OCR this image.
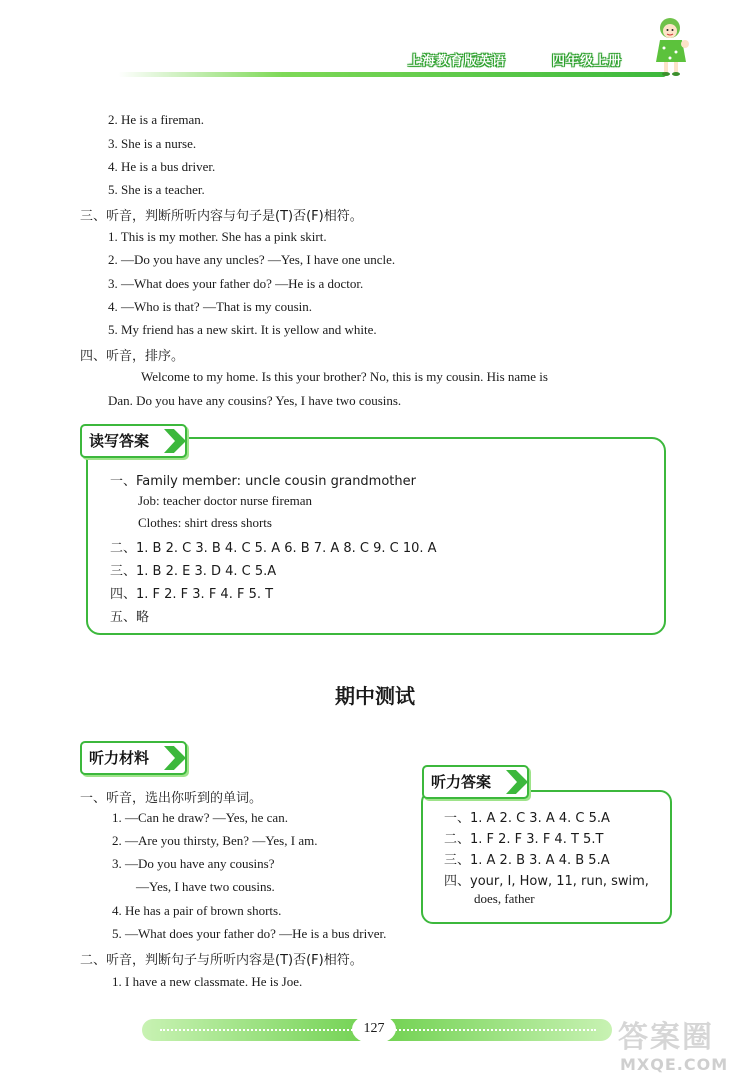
上海教育版英语	四年级上册
2. He is a fireman.
3. She is a nurse.
4. He is a bus driver.
5. She is a teacher.
三、听音，判断所听内容与句子是(T)否(F)相符。
1. This is my mother. She has a pink skirt.
2. —Do you have any uncles? —Yes, I have one uncle.
3. —What does your father do? —He is a doctor.
4. —Who is that? —That is my cousin.
5. My friend has a new skirt. It is yellow and white.
四、听音，排序。
Welcome to my home. Is this your brother? No, this is my cousin. His name is
Dan. Do you have any cousins? Yes, I have two cousins.
读写答案
一、Family member: uncle cousin grandmother
Job: teacher doctor nurse fireman
Clothes: shirt dress shorts
二、1. B 2. C 3. B 4. C 5. A 6. B 7. A 8. C 9. C 10. A
三、1. B 2. E 3. D 4. C 5.A
四、1. F 2. F 3. F 4. F 5. T
五、略
期中测试
听力材料
一、听音，选出你听到的单词。
1. —Can he draw? —Yes, he can.
2. —Are you thirsty, Ben? —Yes, I am.
3. —Do you have any cousins?
—Yes, I have two cousins.
4. He has a pair of brown shorts.
5. —What does your father do? —He is a bus driver.
二、听音，判断句子与所听内容是(T)否(F)相符。
1. I have a new classmate. He is Joe.
听力答案
一、1. A 2. C 3. A 4. C 5.A
二、1. F 2. F 3. F 4. T 5.T
三、1. A 2. B 3. A 4. B 5.A
四、your, I, How, 11, run, swim,
does, father
127	答案圈
MXQE.COM
